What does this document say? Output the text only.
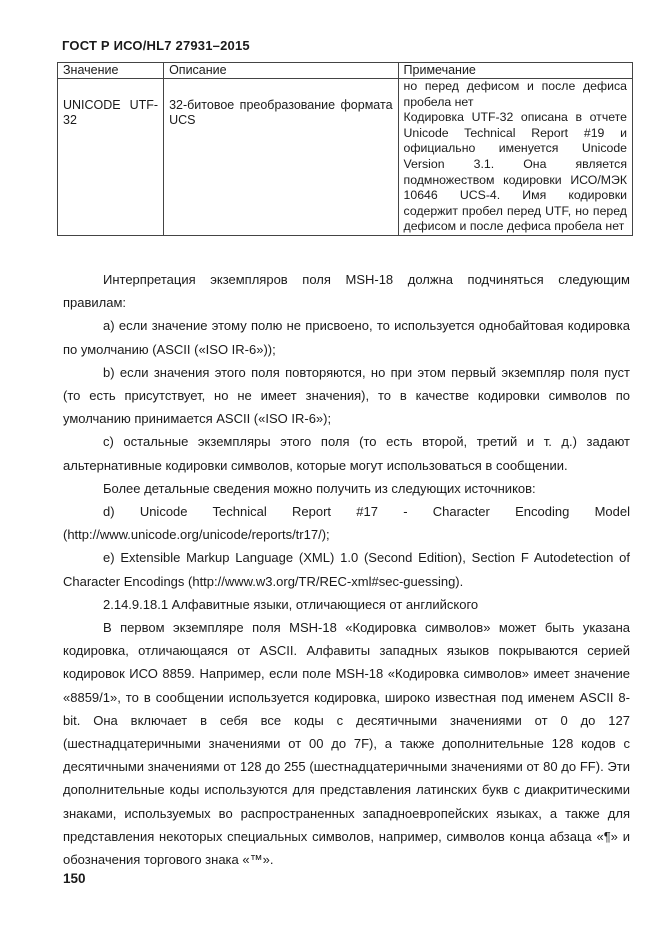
ГОСТ Р ИСО/HL7 27931–2015
Значение	Описание	Примечание

UNICODE UTF-32	32-битовое преобразование формата UCS	но перед дефисом и после дефиса пробела нет
Кодировка UTF-32 описана в отчете Unicode Technical Report #19 и официально именуется Unicode Version 3.1. Она является подмножеством кодировки ИСО/МЭК 10646 UCS-4. Имя кодировки содержит пробел перед UTF, но перед дефисом и после дефиса пробела нет

Интерпретация экземпляров поля MSH-18 должна подчиняться следующим правилам:

а) если значение этому полю не присвоено, то используется однобайтовая кодировка по умолчанию (ASCII («ISO IR-6»));

b) если значения этого поля повторяются, но при этом первый экземпляр поля пуст (то есть присутствует, но не имеет значения), то в качестве кодировки символов по умолчанию принимается ASCII («ISO IR-6»);

c) остальные экземпляры этого поля (то есть второй, третий и т. д.) задают альтернативные кодировки символов, которые могут использоваться в сообщении.

Более детальные сведения можно получить из следующих источников:

d) Unicode Technical Report #17 - Character Encoding Model (http://www.unicode.org/unicode/reports/tr17/);

e) Extensible Markup Language (XML) 1.0 (Second Edition), Section F Autodetection of Character Encodings (http://www.w3.org/TR/REC-xml#sec-guessing).

2.14.9.18.1 Алфавитные языки, отличающиеся от английского

В первом экземпляре поля MSH-18 «Кодировка символов» может быть указана кодировка, отличающаяся от ASCII. Алфавиты западных языков покрываются серией кодировок ИСО 8859. Например, если поле MSH-18 «Кодировка символов» имеет значение «8859/1», то в сообщении используется кодировка, широко известная под именем ASCII 8-bit. Она включает в себя все коды с десятичными значениями от 0 до 127 (шестнадцатеричными значениями от 00 до 7F), а также дополнительные 128 кодов с десятичными значениями от 128 до 255 (шестнадцатеричными значениями от 80 до FF). Эти дополнительные коды используются для представления латинских букв с диакритическими знаками, используемых во распространенных западноевропейских языках, а также для представления некоторых специальных символов, например, символов конца абзаца «¶» и обозначения торгового знака «™».

150
